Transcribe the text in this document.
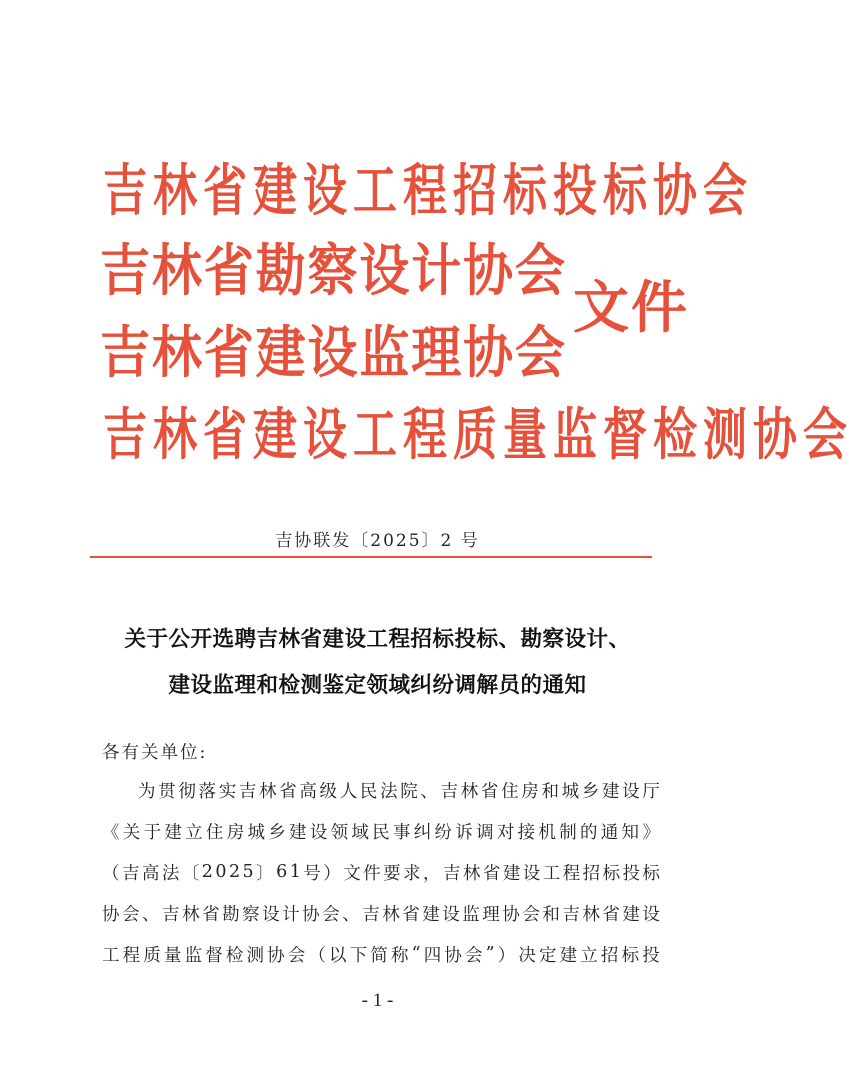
吉 林 省 建 设 工 程 招 标 投 标 协 会
吉 林 省 勘 察 设 计 协 会
吉 林 省 建 设 监 理 协 会
吉 林 省 建 设 工 程 质 量 监 督 检 测 协 会
文件
吉协联发〔2025〕2 号
关于公开选聘吉林省建设工程招标投标、勘察设计、
建设监理和检测鉴定领域纠纷调解员的通知
各有关单位:
为 贯 彻 落 实 吉 林 省 高 级 人 民 法 院 、 吉 林 省 住 房 和 城 乡 建 设 厅
《 关 于 建 立 住 房 城 乡 建 设 领 域 民 事 纠 纷 诉 调 对 接 机 制 的 通 知 》
（ 吉 高 法 〔 2 0 2 5 〕 6 1 号 ） 文 件 要 求 ， 吉 林 省 建 设 工 程 招 标 投 标
协 会 、 吉 林 省 勘 察 设 计 协 会 、 吉 林 省 建 设 监 理 协 会 和 吉 林 省 建 设
工 程 质 量 监 督 检 测 协 会 （ 以 下 简 称 “ 四 协 会 ” ） 决 定 建 立 招 标 投
- 1 -
